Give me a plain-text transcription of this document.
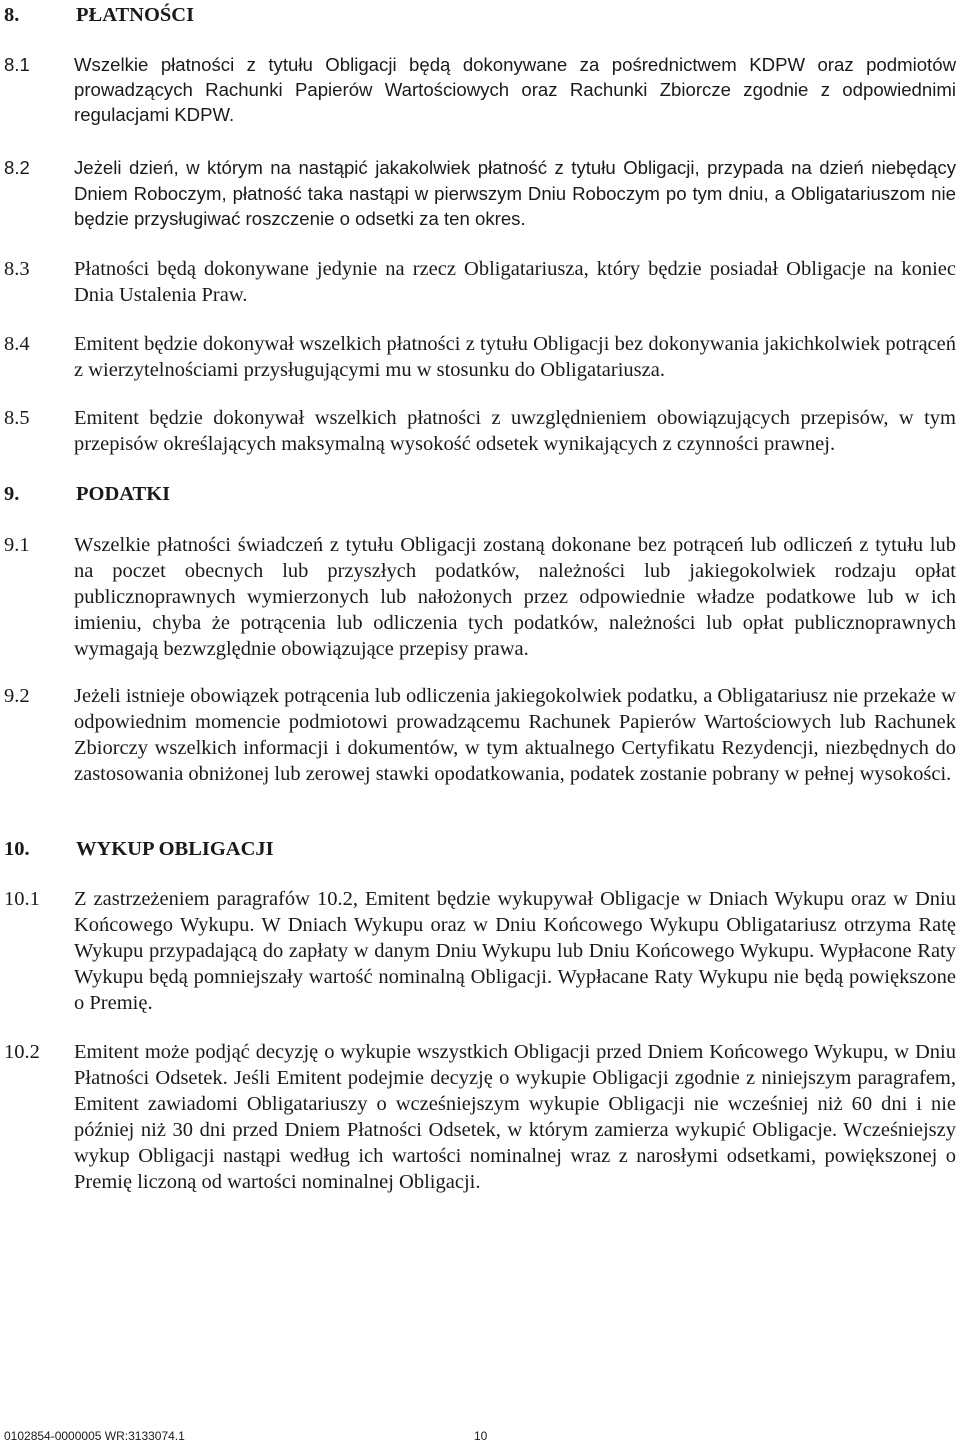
8.	PŁATNOŚCI
8.1	Wszelkie płatności z tytułu Obligacji będą dokonywane za pośrednictwem KDPW oraz podmiotów prowadzących Rachunki Papierów Wartościowych oraz Rachunki Zbiorcze zgodnie z odpowiednimi regulacjami KDPW.
8.2	Jeżeli dzień, w którym na nastąpić jakakolwiek płatność z tytułu Obligacji, przypada na dzień niebędący Dniem Roboczym, płatność taka nastąpi w pierwszym Dniu Roboczym po tym dniu, a Obligatariuszom nie będzie przysługiwać roszczenie o odsetki za ten okres.
8.3	Płatności będą dokonywane jedynie na rzecz Obligatariusza, który będzie posiadał Obligacje na koniec Dnia Ustalenia Praw.
8.4	Emitent będzie dokonywał wszelkich płatności z tytułu Obligacji bez dokonywania jakichkolwiek potrąceń z wierzytelnościami przysługującymi mu w stosunku do Obligatariusza.
8.5	Emitent będzie dokonywał wszelkich płatności z uwzględnieniem obowiązujących przepisów, w tym przepisów określających maksymalną wysokość odsetek wynikających z czynności prawnej.
9.	PODATKI
9.1	Wszelkie płatności świadczeń z tytułu Obligacji zostaną dokonane bez potrąceń lub odliczeń z tytułu lub na poczet obecnych lub przyszłych podatków, należności lub jakiegokolwiek rodzaju opłat publicznoprawnych wymierzonych lub nałożonych przez odpowiednie władze podatkowe lub w ich imieniu, chyba że potrącenia lub odliczenia tych podatków, należności lub opłat publicznoprawnych wymagają bezwzględnie obowiązujące przepisy prawa.
9.2	Jeżeli istnieje obowiązek potrącenia lub odliczenia jakiegokolwiek podatku, a Obligatariusz nie przekaże w odpowiednim momencie podmiotowi prowadzącemu Rachunek Papierów Wartościowych lub Rachunek Zbiorczy wszelkich informacji i dokumentów, w tym aktualnego Certyfikatu Rezydencji, niezbędnych do zastosowania obniżonej lub zerowej stawki opodatkowania, podatek zostanie pobrany w pełnej wysokości.
10. WYKUP OBLIGACJI
10.1	Z zastrzeżeniem paragrafów 10.2, Emitent będzie wykupywał Obligacje w Dniach Wykupu oraz w Dniu Końcowego Wykupu. W Dniach Wykupu oraz w Dniu Końcowego Wykupu Obligatariusz otrzyma Ratę Wykupu przypadającą do zapłaty w danym Dniu Wykupu lub Dniu Końcowego Wykupu. Wypłacone Raty Wykupu będą pomniejszały wartość nominalną Obligacji. Wypłacane Raty Wykupu nie będą powiększone o Premię.
10.2	Emitent może podjąć decyzję o wykupie wszystkich Obligacji przed Dniem Końcowego Wykupu, w Dniu Płatności Odsetek. Jeśli Emitent podejmie decyzję o wykupie Obligacji zgodnie z niniejszym paragrafem, Emitent zawiadomi Obligatariuszy o wcześniejszym wykupie Obligacji nie wcześniej niż 60 dni i nie później niż 30 dni przed Dniem Płatności Odsetek, w którym zamierza wykupić Obligacje. Wcześniejszy wykup Obligacji nastąpi według ich wartości nominalnej wraz z narosłymi odsetkami, powiększonej o Premię liczoną od wartości nominalnej Obligacji.
0102854-0000005 WR:3133074.1	10
